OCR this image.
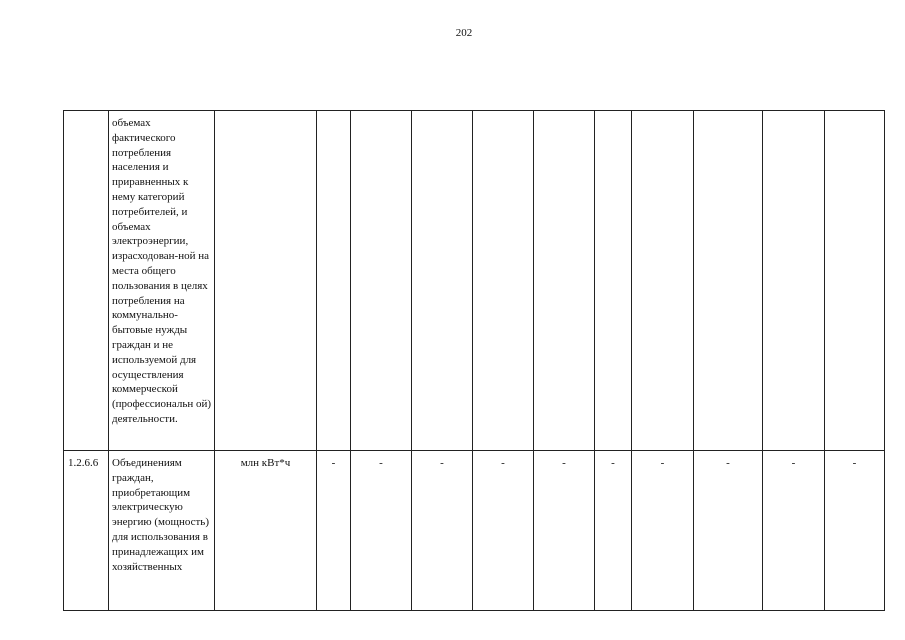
202

	объемах фактического потребления населения и приравненных к нему категорий потребителей, и объемах электроэнергии, израсходован-ной на места общего пользования в целях потребления на коммунально-бытовые нужды граждан и не используемой для осуществления коммерческой (профессиональн ой) деятельности.											

1.2.6.6	Объединениям граждан, приобретающим электрическую энергию (мощность) для использования в принадлежащих им хозяйственных	млн кВт*ч	-	-	-	-	-	-	-	-	-	-
